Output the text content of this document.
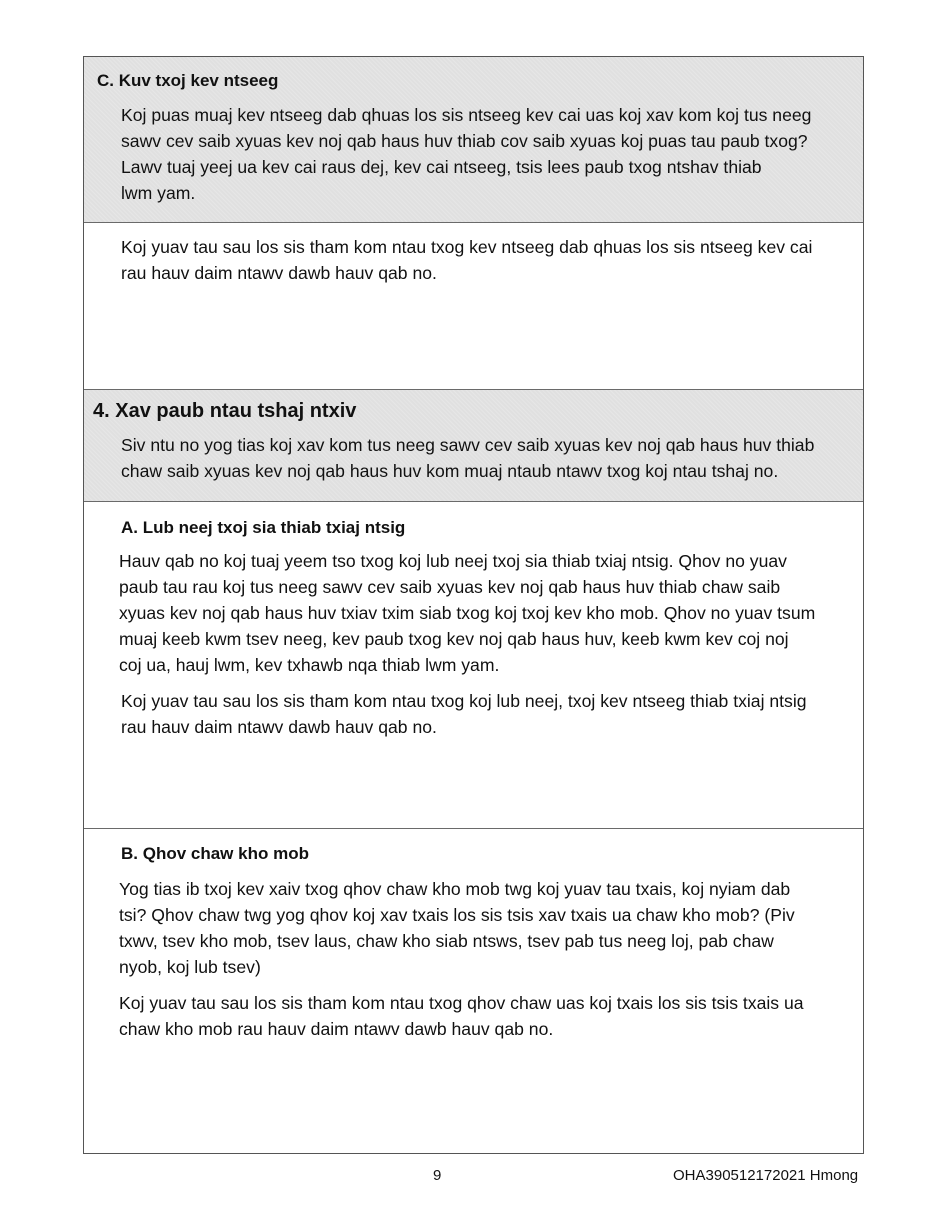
C. Kuv txoj kev ntseeg

Koj puas muaj kev ntseeg dab qhuas los sis ntseeg kev cai uas koj xav kom koj tus neeg

sawv cev saib xyuas kev noj qab haus huv thiab cov saib xyuas koj puas tau paub txog?

Lawv tuaj yeej ua kev cai raus dej, kev cai ntseeg, tsis lees paub txog ntshav thiab

lwm yam.

Koj yuav tau sau los sis tham kom ntau txog kev ntseeg dab qhuas los sis ntseeg kev cai

rau hauv daim ntawv dawb hauv qab no.

4. Xav paub ntau tshaj ntxiv

Siv ntu no yog tias koj xav kom tus neeg sawv cev saib xyuas kev noj qab haus huv thiab

chaw saib xyuas kev noj qab haus huv kom muaj ntaub ntawv txog koj ntau tshaj no.

A. Lub neej txoj sia thiab txiaj ntsig

Hauv qab no koj tuaj yeem tso txog koj lub neej txoj sia thiab txiaj ntsig. Qhov no yuav

paub tau rau koj tus neeg sawv cev saib xyuas kev noj qab haus huv thiab chaw saib

xyuas kev noj qab haus huv txiav txim siab txog koj txoj kev kho mob. Qhov no yuav tsum

muaj keeb kwm tsev neeg, kev paub txog kev noj qab haus huv, keeb kwm kev coj noj

coj ua, hauj lwm, kev txhawb nqa thiab lwm yam.

Koj yuav tau sau los sis tham kom ntau txog koj lub neej, txoj kev ntseeg thiab txiaj ntsig

rau hauv daim ntawv dawb hauv qab no.

B. Qhov chaw kho mob

Yog tias ib txoj kev xaiv txog qhov chaw kho mob twg koj yuav tau txais, koj nyiam dab

tsi? Qhov chaw twg yog qhov koj xav txais los sis tsis xav txais ua chaw kho mob? (Piv

txwv, tsev kho mob, tsev laus, chaw kho siab ntsws, tsev pab tus neeg loj, pab chaw

nyob, koj lub tsev)

Koj yuav tau sau los sis tham kom ntau txog qhov chaw uas koj txais los sis tsis txais ua

chaw kho mob rau hauv daim ntawv dawb hauv qab no.

9	OHA390512172021 Hmong
